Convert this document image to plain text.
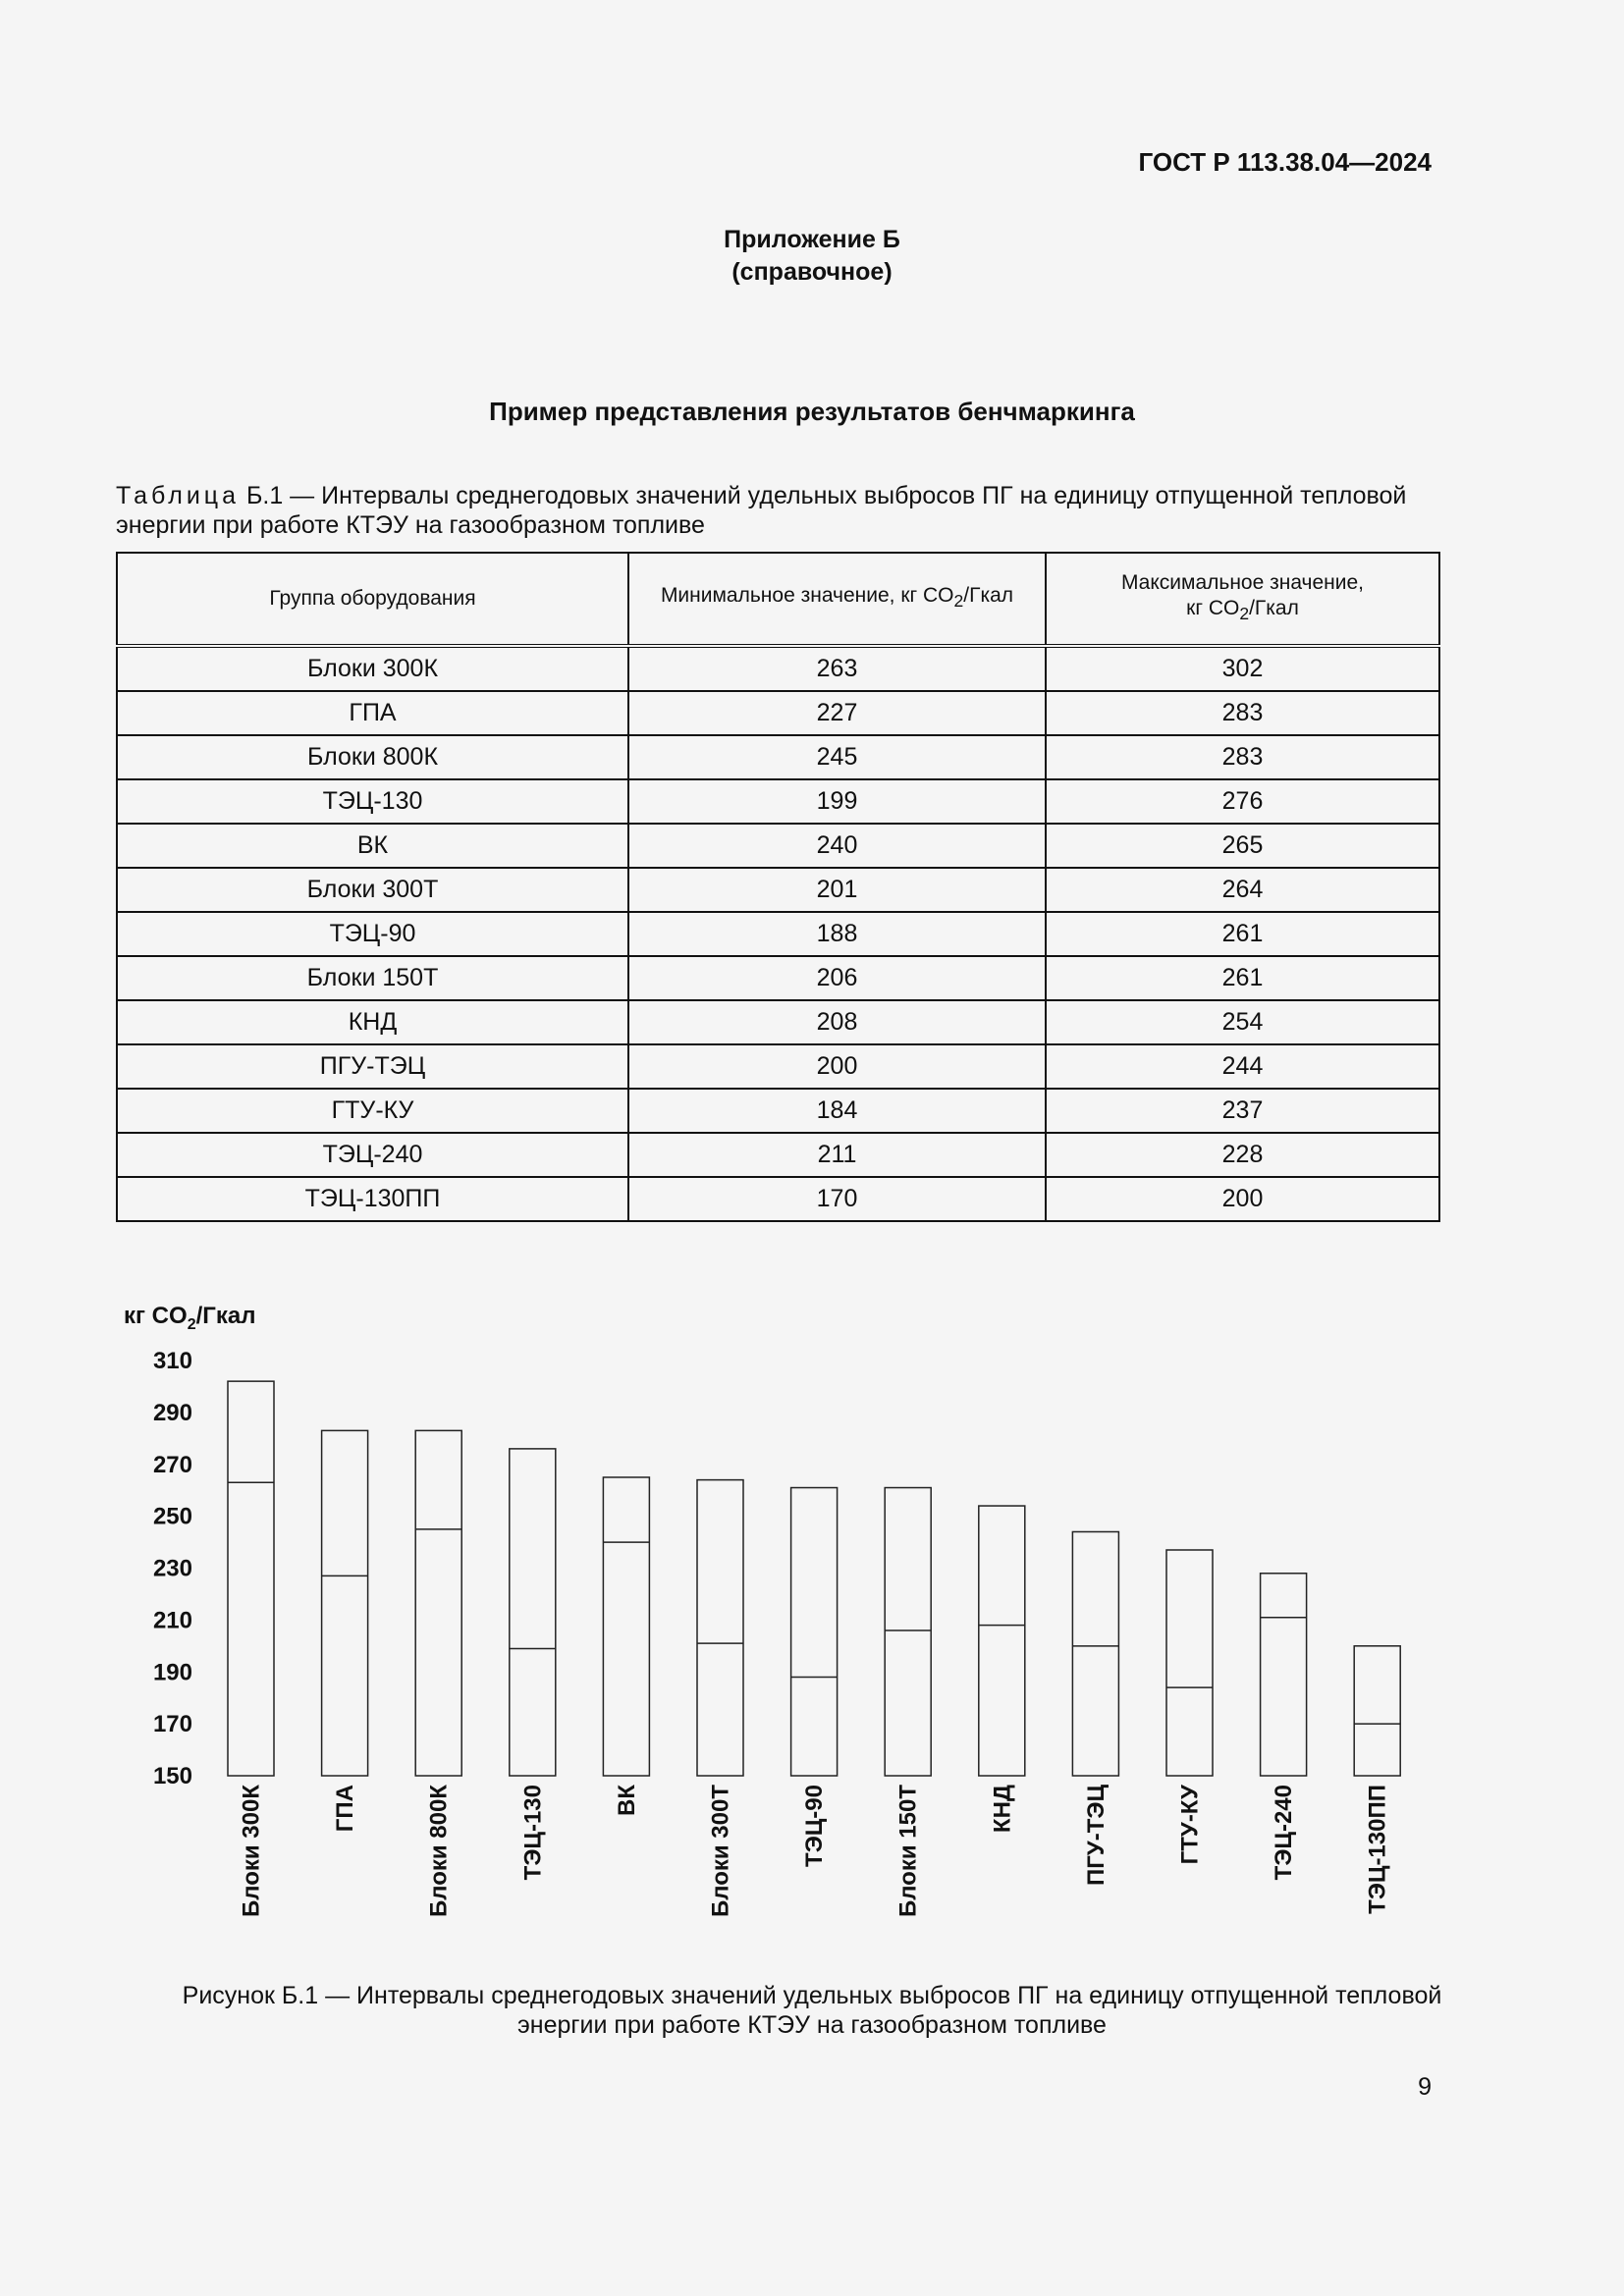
ГОСТ Р 113.38.04—2024
Приложение Б
(справочное)
Пример представления результатов бенчмаркинга
Таблица Б.1 — Интервалы среднегодовых значений удельных выбросов ПГ на единицу отпущенной тепловой энергии при работе КТЭУ на газообразном топливе
Группа оборудования	Минимальное значение, кг $CO_2$/Гкал	Максимальное значение,
кг $CO_2$/Гкал
Блоки 300К	263	302
ГПА	227	283
Блоки 800К	245	283
ТЭЦ-130	199	276
ВК	240	265
Блоки 300Т	201	264
ТЭЦ-90	188	261
Блоки 150Т	206	261
КНД	208	254
ПГУ-ТЭЦ	200	244
ГТУ-КУ	184	237
ТЭЦ-240	211	228
ТЭЦ-130ПП	170	200
кг $CO_2$/Гкал
150
170
190
210
230
250
270
290
310
Блоки 300К	ГПА	Блоки 800К	ТЭЦ-130	ВК	Блоки 300Т	ТЭЦ-90	Блоки 150Т	КНД	ПГУ-ТЭЦ	ГТУ-КУ	ТЭЦ-240	ТЭЦ-130ПП
Рисунок Б.1 — Интервалы среднегодовых значений удельных выбросов ПГ на единицу отпущенной тепловой
энергии при работе КТЭУ на газообразном топливе
9
